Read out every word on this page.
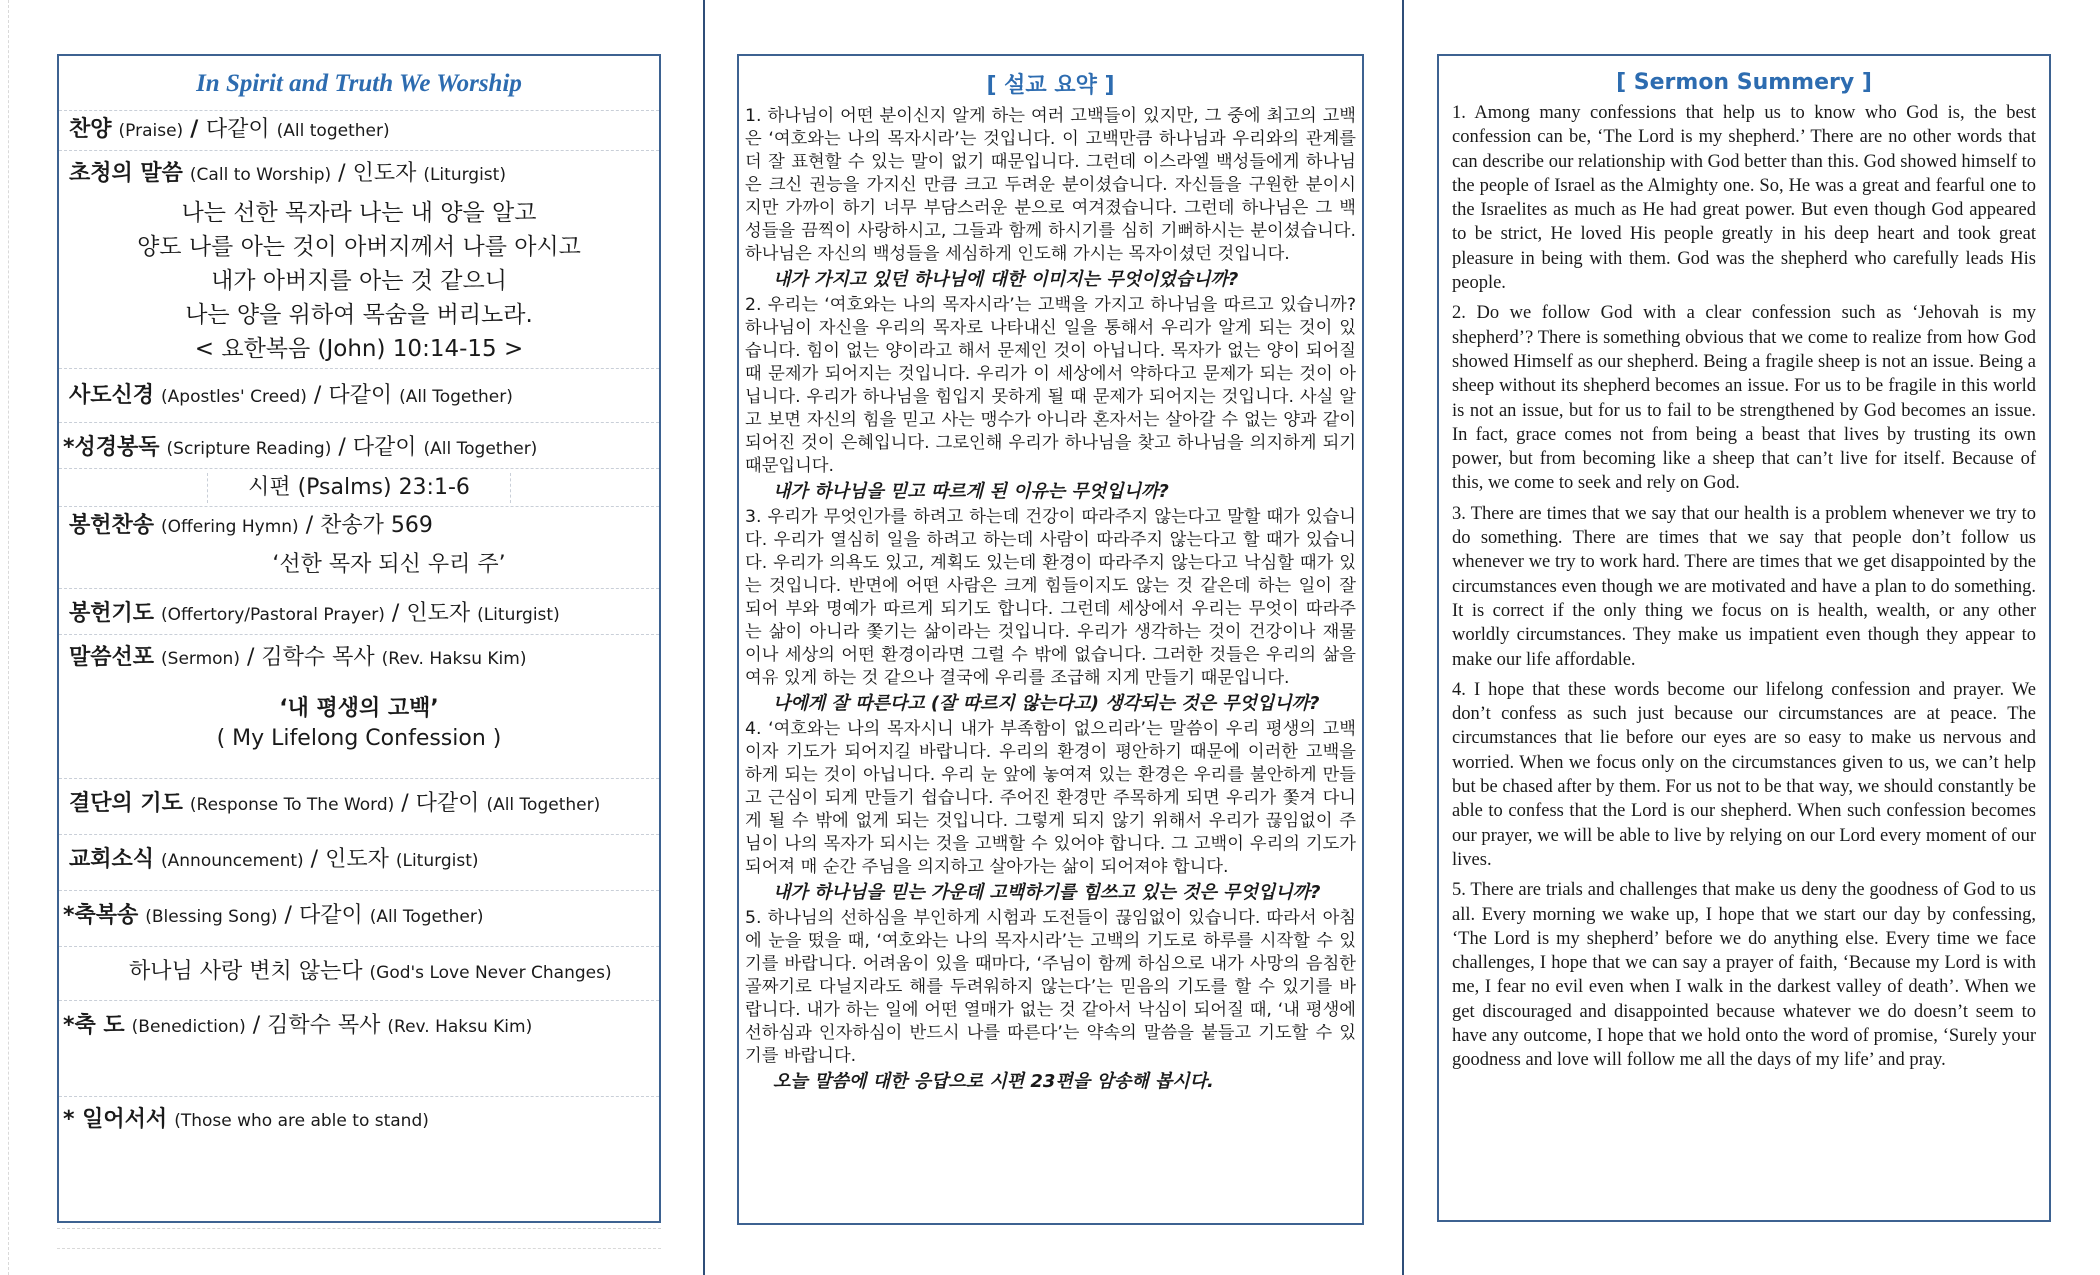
In Spirit and Truth We Worship
찬양 (Praise) / 다같이 (All together)
초청의 말씀 (Call to Worship) / 인도자 (Liturgist)
나는 선한 목자라 나는 내 양을 알고
양도 나를 아는 것이 아버지께서 나를 아시고
내가 아버지를 아는 것 같으니
나는 양을 위하여 목숨을 버리노라.
< 요한복음 (John) 10:14-15 >
사도신경 (Apostles' Creed) / 다같이 (All Together)
*성경봉독 (Scripture Reading) / 다같이 (All Together)
시편 (Psalms) 23:1-6
봉헌찬송 (Offering Hymn) / 찬송가 569
‘선한 목자 되신 우리 주’
봉헌기도 (Offertory/Pastoral Prayer) / 인도자 (Liturgist)
말씀선포 (Sermon) / 김학수 목사 (Rev. Haksu Kim)
‘내 평생의 고백’
( My Lifelong Confession )
결단의 기도 (Response To The Word) / 다같이 (All Together)
교회소식 (Announcement) / 인도자 (Liturgist)
*축복송 (Blessing Song) / 다같이 (All Together)
하나님 사랑 변치 않는다 (God's Love Never Changes)
*축 도 (Benediction) / 김학수 목사 (Rev. Haksu Kim)
* 일어서서 (Those who are able to stand)
[ 설교 요약 ]

1. 하나님이 어떤 분이신지 알게 하는 여러 고백들이 있지만, 그 중에 최고의 고백은 ‘여호와는 나의 목자시라’는 것입니다. 이 고백만큼 하나님과 우리와의 관계를 더 잘 표현할 수 있는 말이 없기 때문입니다. 그런데 이스라엘 백성들에게 하나님은 크신 권능을 가지신 만큼 크고 두려운 분이셨습니다. 자신들을 구원한 분이시지만 가까이 하기 너무 부담스러운 분으로 여겨졌습니다. 그런데 하나님은 그 백성들을 끔찍이 사랑하시고, 그들과 함께 하시기를 심히 기뻐하시는 분이셨습니다. 하나님은 자신의 백성들을 세심하게 인도해 가시는 목자이셨던 것입니다.

내가 가지고 있던 하나님에 대한 이미지는 무엇이었습니까?

2. 우리는 ‘여호와는 나의 목자시라’는 고백을 가지고 하나님을 따르고 있습니까? 하나님이 자신을 우리의 목자로 나타내신 일을 통해서 우리가 알게 되는 것이 있습니다. 힘이 없는 양이라고 해서 문제인 것이 아닙니다. 목자가 없는 양이 되어질 때 문제가 되어지는 것입니다. 우리가 이 세상에서 약하다고 문제가 되는 것이 아닙니다. 우리가 하나님을 힘입지 못하게 될 때 문제가 되어지는 것입니다. 사실 알고 보면 자신의 힘을 믿고 사는 맹수가 아니라 혼자서는 살아갈 수 없는 양과 같이 되어진 것이 은혜입니다. 그로인해 우리가 하나님을 찾고 하나님을 의지하게 되기 때문입니다.

내가 하나님을 믿고 따르게 된 이유는 무엇입니까?

3. 우리가 무엇인가를 하려고 하는데 건강이 따라주지 않는다고 말할 때가 있습니다. 우리가 열심히 일을 하려고 하는데 사람이 따라주지 않는다고 할 때가 있습니다. 우리가 의욕도 있고, 계획도 있는데 환경이 따라주지 않는다고 낙심할 때가 있는 것입니다. 반면에 어떤 사람은 크게 힘들이지도 않는 것 같은데 하는 일이 잘 되어 부와 명예가 따르게 되기도 합니다. 그런데 세상에서 우리는 무엇이 따라주는 삶이 아니라 쫓기는 삶이라는 것입니다. 우리가 생각하는 것이 건강이나 재물이나 세상의 어떤 환경이라면 그럴 수 밖에 없습니다. 그러한 것들은 우리의 삶을 여유 있게 하는 것 같으나 결국에 우리를 조급해 지게 만들기 때문입니다.

나에게 잘 따른다고 (잘 따르지 않는다고) 생각되는 것은 무엇입니까?

4. ‘여호와는 나의 목자시니 내가 부족함이 없으리라’는 말씀이 우리 평생의 고백이자 기도가 되어지길 바랍니다. 우리의 환경이 평안하기 때문에 이러한 고백을 하게 되는 것이 아닙니다. 우리 눈 앞에 놓여져 있는 환경은 우리를 불안하게 만들고 근심이 되게 만들기 쉽습니다. 주어진 환경만 주목하게 되면 우리가 쫓겨 다니게 될 수 밖에 없게 되는 것입니다. 그렇게 되지 않기 위해서 우리가 끊임없이 주님이 나의 목자가 되시는 것을 고백할 수 있어야 합니다. 그 고백이 우리의 기도가 되어져 매 순간 주님을 의지하고 살아가는 삶이 되어져야 합니다.

내가 하나님을 믿는 가운데 고백하기를 힘쓰고 있는 것은 무엇입니까?

5. 하나님의 선하심을 부인하게 시험과 도전들이 끊임없이 있습니다. 따라서 아침에 눈을 떴을 때, ‘여호와는 나의 목자시라’는 고백의 기도로 하루를 시작할 수 있기를 바랍니다. 어려움이 있을 때마다, ‘주님이 함께 하심으로 내가 사망의 음침한 골짜기로 다닐지라도 해를 두려워하지 않는다’는 믿음의 기도를 할 수 있기를 바랍니다. 내가 하는 일에 어떤 열매가 없는 것 같아서 낙심이 되어질 때, ‘내 평생에 선하심과 인자하심이 반드시 나를 따른다’는 약속의 말씀을 붙들고 기도할 수 있기를 바랍니다.

오늘 말씀에 대한 응답으로 시편 23편을 암송해 봅시다.

[ Sermon Summery ]

1. Among many confessions that help us to know who God is, the best confession can be, ‘The Lord is my shepherd.’ There are no other words that can describe our relationship with God better than this. God showed himself to the people of Israel as the Almighty one. So, He was a great and fearful one to the Israelites as much as He had great power. But even though God appeared to be strict, He loved His people greatly in his deep heart and took great pleasure in being with them. God was the shepherd who carefully leads His people.

2. Do we follow God with a clear confession such as ‘Jehovah is my shepherd’? There is something obvious that we come to realize from how God showed Himself as our shepherd. Being a fragile sheep is not an issue. Being a sheep without its shepherd becomes an issue. For us to be fragile in this world is not an issue, but for us to fail to be strengthened by God becomes an issue. In fact, grace comes not from being a beast that lives by trusting its own power, but from becoming like a sheep that can’t live for itself. Because of this, we come to seek and rely on God.

3. There are times that we say that our health is a problem whenever we try to do something. There are times that we say that people don’t follow us whenever we try to work hard. There are times that we get disappointed by the circumstances even though we are motivated and have a plan to do something. It is correct if the only thing we focus on is health, wealth, or any other worldly circumstances. They make us impatient even though they appear to make our life affordable.

4. I hope that these words become our lifelong confession and prayer. We don’t confess as such just because our circumstances are at peace. The circumstances that lie before our eyes are so easy to make us nervous and worried. When we focus only on the circumstances given to us, we can’t help but be chased after by them. For us not to be that way, we should constantly be able to confess that the Lord is our shepherd. When such confession becomes our prayer, we will be able to live by relying on our Lord every moment of our lives.

5. There are trials and challenges that make us deny the goodness of God to us all. Every morning we wake up, I hope that we start our day by confessing, ‘The Lord is my shepherd’ before we do anything else. Every time we face challenges, I hope that we can say a prayer of faith, ‘Because my Lord is with me, I fear no evil even when I walk in the darkest valley of death’. When we get discouraged and disappointed because whatever we do doesn’t seem to have any outcome, I hope that we hold onto the word of promise, ‘Surely your goodness and love will follow me all the days of my life’ and pray.
